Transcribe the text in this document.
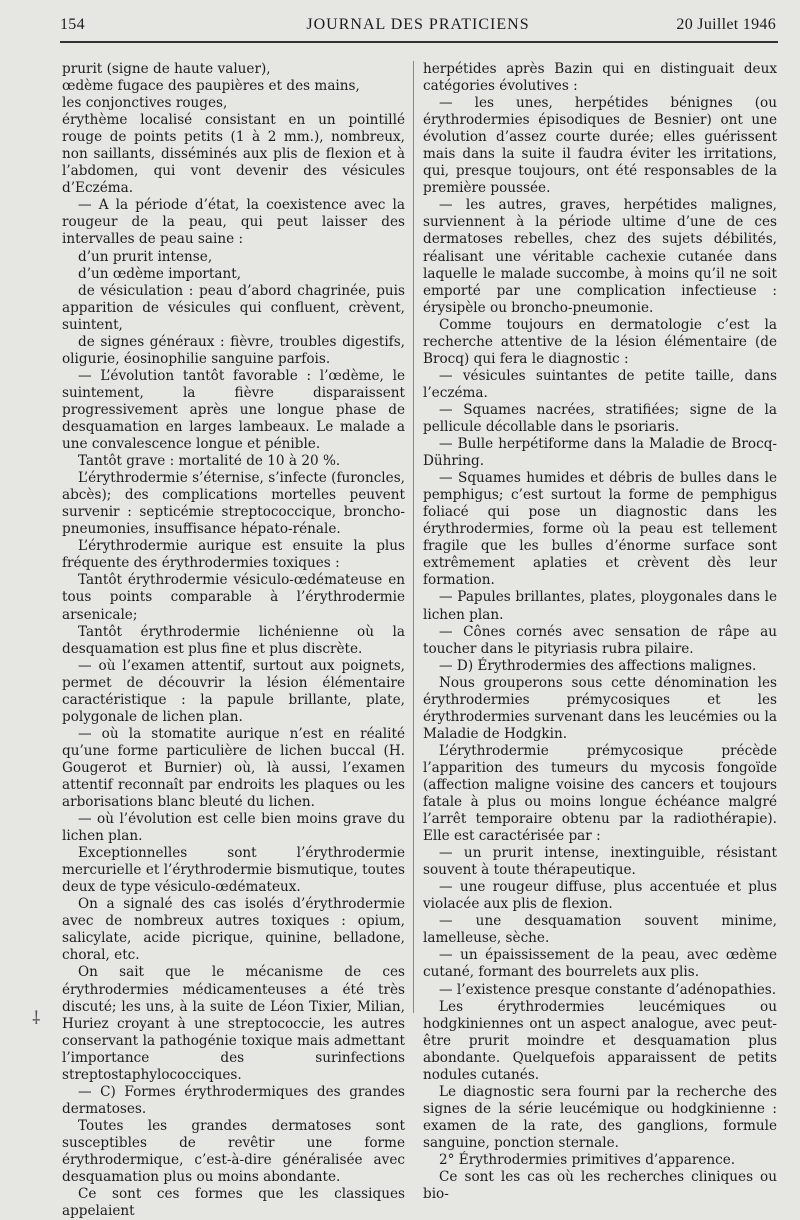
154	JOURNAL DES PRATICIENS	20 Juillet 1946

prurit (signe de haute valuer),

œdème fugace des paupières et des mains,

les conjonctives rouges,

érythème localisé consistant en un pointillé rouge de points petits (1 à 2 mm.), nombreux, non saillants, disséminés aux plis de flexion et à l’abdomen, qui vont devenir des vésicules d’Eczéma.

— A la période d’état, la coexistence avec la rougeur de la peau, qui peut laisser des intervalles de peau saine :

d’un prurit intense,

d’un œdème important,

de vésiculation : peau d’abord chagrinée, puis apparition de vésicules qui confluent, crèvent, suintent,

de signes généraux : fièvre, troubles digestifs, oligurie, éosinophilie sanguine parfois.

— L’évolution tantôt favorable : l’œdème, le suintement, la fièvre disparaissent progressivement après une longue phase de desquamation en larges lambeaux. Le malade a une convalescence longue et pénible.

Tantôt grave : mortalité de 10 à 20 %.

L’érythrodermie s’éternise, s’infecte (furoncles, abcès); des complications mortelles peuvent survenir : septicémie streptococcique, broncho-pneumonies, insuffisance hépato-rénale.

L’érythrodermie aurique est ensuite la plus fréquente des érythrodermies toxiques :

Tantôt érythrodermie vésiculo-œdémateuse en tous points comparable à l’érythrodermie arsenicale;

Tantôt érythrodermie lichénienne où la desquamation est plus fine et plus discrète.

— où l’examen attentif, surtout aux poignets, permet de découvrir la lésion élémentaire caractéristique : la papule brillante, plate, polygonale de lichen plan.

— où la stomatite aurique n’est en réalité qu’une forme particulière de lichen buccal (H. Gougerot et Burnier) où, là aussi, l’examen attentif reconnaît par endroits les plaques ou les arborisations blanc bleuté du lichen.

— où l’évolution est celle bien moins grave du lichen plan.

Exceptionnelles sont l’érythrodermie mercurielle et l’érythrodermie bismutique, toutes deux de type vésiculo-œdémateux.

On a signalé des cas isolés d’érythrodermie avec de nombreux autres toxiques : opium, salicylate, acide picrique, quinine, belladone, choral, etc.

On sait que le mécanisme de ces érythrodermies médicamenteuses a été très discuté; les uns, à la suite de Léon Tixier, Milian, Huriez croyant à une streptococcie, les autres conservant la pathogénie toxique mais admettant l’importance des surinfections streptostaphylococciques.

— C) Formes érythrodermiques des grandes dermatoses.

Toutes les grandes dermatoses sont susceptibles de revêtir une forme érythrodermique, c’est-à-dire généralisée avec desquamation plus ou moins abondante.

Ce sont ces formes que les classiques appelaient

herpétides après Bazin qui en distinguait deux catégories évolutives :

— les unes, herpétides bénignes (ou érythrodermies épisodiques de Besnier) ont une évolution d’assez courte durée; elles guérissent mais dans la suite il faudra éviter les irritations, qui, presque toujours, ont été responsables de la première poussée.

— les autres, graves, herpétides malignes, surviennent à la période ultime d’une de ces dermatoses rebelles, chez des sujets débilités, réalisant une véritable cachexie cutanée dans laquelle le malade succombe, à moins qu’il ne soit emporté par une complication infectieuse : érysipèle ou broncho-pneumonie.

Comme toujours en dermatologie c’est la recherche attentive de la lésion élémentaire (de Brocq) qui fera le diagnostic :

— vésicules suintantes de petite taille, dans l’eczéma.

— Squames nacrées, stratifiées; signe de la pellicule décollable dans le psoriaris.

— Bulle herpétiforme dans la Maladie de Brocq-Dühring.

— Squames humides et débris de bulles dans le pemphigus; c’est surtout la forme de pemphigus foliacé qui pose un diagnostic dans les érythrodermies, forme où la peau est tellement fragile que les bulles d’énorme surface sont extrêmement aplaties et crèvent dès leur formation.

— Papules brillantes, plates, ploygonales dans le lichen plan.

— Cônes cornés avec sensation de râpe au toucher dans le pityriasis rubra pilaire.

— D) Érythrodermies des affections malignes.

Nous grouperons sous cette dénomination les érythrodermies prémycosiques et les érythrodermies survenant dans les leucémies ou la Maladie de Hodgkin.

L’érythrodermie prémycosique précède l’apparition des tumeurs du mycosis fongoïde (affection maligne voisine des cancers et toujours fatale à plus ou moins longue échéance malgré l’arrêt temporaire obtenu par la radiothérapie). Elle est caractérisée par :

— un prurit intense, inextinguible, résistant souvent à toute thérapeutique.

— une rougeur diffuse, plus accentuée et plus violacée aux plis de flexion.

— une desquamation souvent minime, lamelleuse, sèche.

— un épaississement de la peau, avec œdème cutané, formant des bourrelets aux plis.

— l’existence presque constante d’adénopathies.

Les érythrodermies leucémiques ou hodgkiniennes ont un aspect analogue, avec peut-être prurit moindre et desquamation plus abondante. Quelquefois apparaissent de petits nodules cutanés.

Le diagnostic sera fourni par la recherche des signes de la série leucémique ou hodgkinienne : examen de la rate, des ganglions, formule sanguine, ponction sternale.

2° Érythrodermies primitives d’apparence.

Ce sont les cas où les recherches cliniques ou bio-

⸸
